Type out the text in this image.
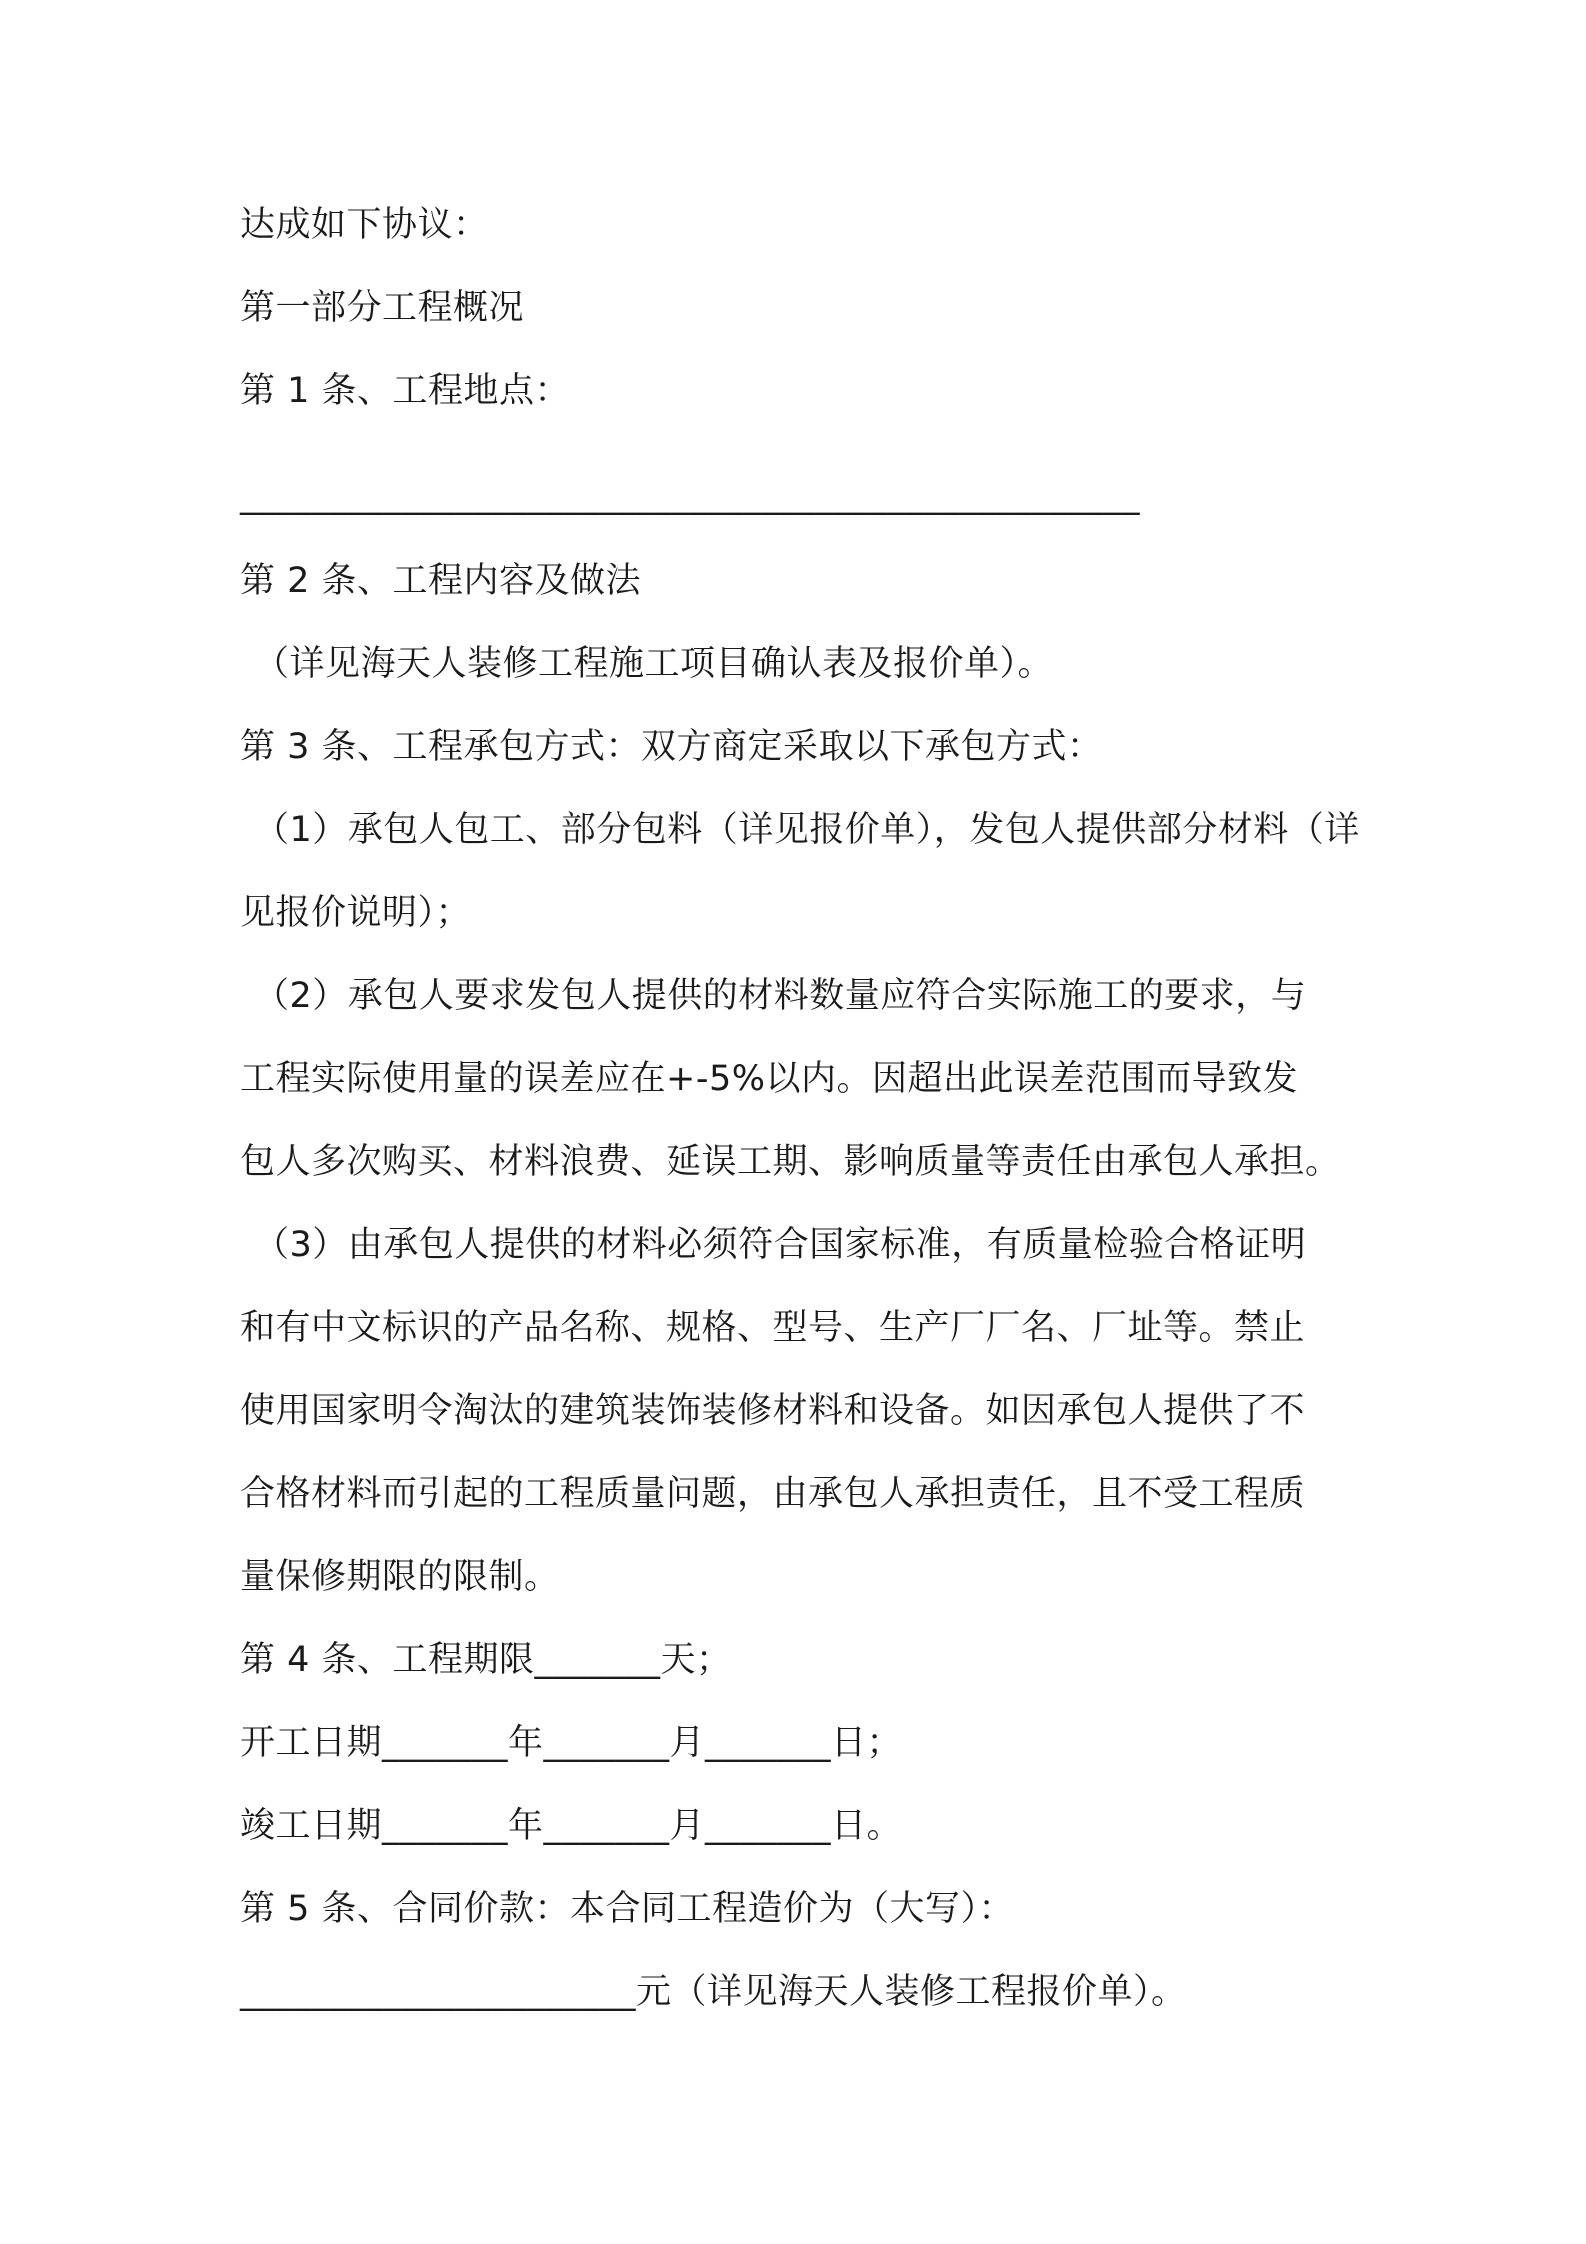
达成如下协议：
第一部分工程概况
第 1 条、工程地点：
__________________________________________________
第 2 条、工程内容及做法
（详见海天人装修工程施工项目确认表及报价单）。
第 3 条、工程承包方式：双方商定采取以下承包方式：
（1）承包人包工、部分包料（详见报价单），发包人提供部分材料（详
见报价说明）；
（2）承包人要求发包人提供的材料数量应符合实际施工的要求，与
工程实际使用量的误差应在+-5%以内。因超出此误差范围而导致发
包人多次购买、材料浪费、延误工期、影响质量等责任由承包人承担。
（3）由承包人提供的材料必须符合国家标准，有质量检验合格证明
和有中文标识的产品名称、规格、型号、生产厂厂名、厂址等。禁止
使用国家明令淘汰的建筑装饰装修材料和设备。如因承包人提供了不
合格材料而引起的工程质量问题，由承包人承担责任，且不受工程质
量保修期限的限制。
第 4 条、工程期限_______天；
开工日期_______年_______月_______日；
竣工日期_______年_______月_______日。
第 5 条、合同价款：本合同工程造价为（大写）：
______________________元（详见海天人装修工程报价单）。
